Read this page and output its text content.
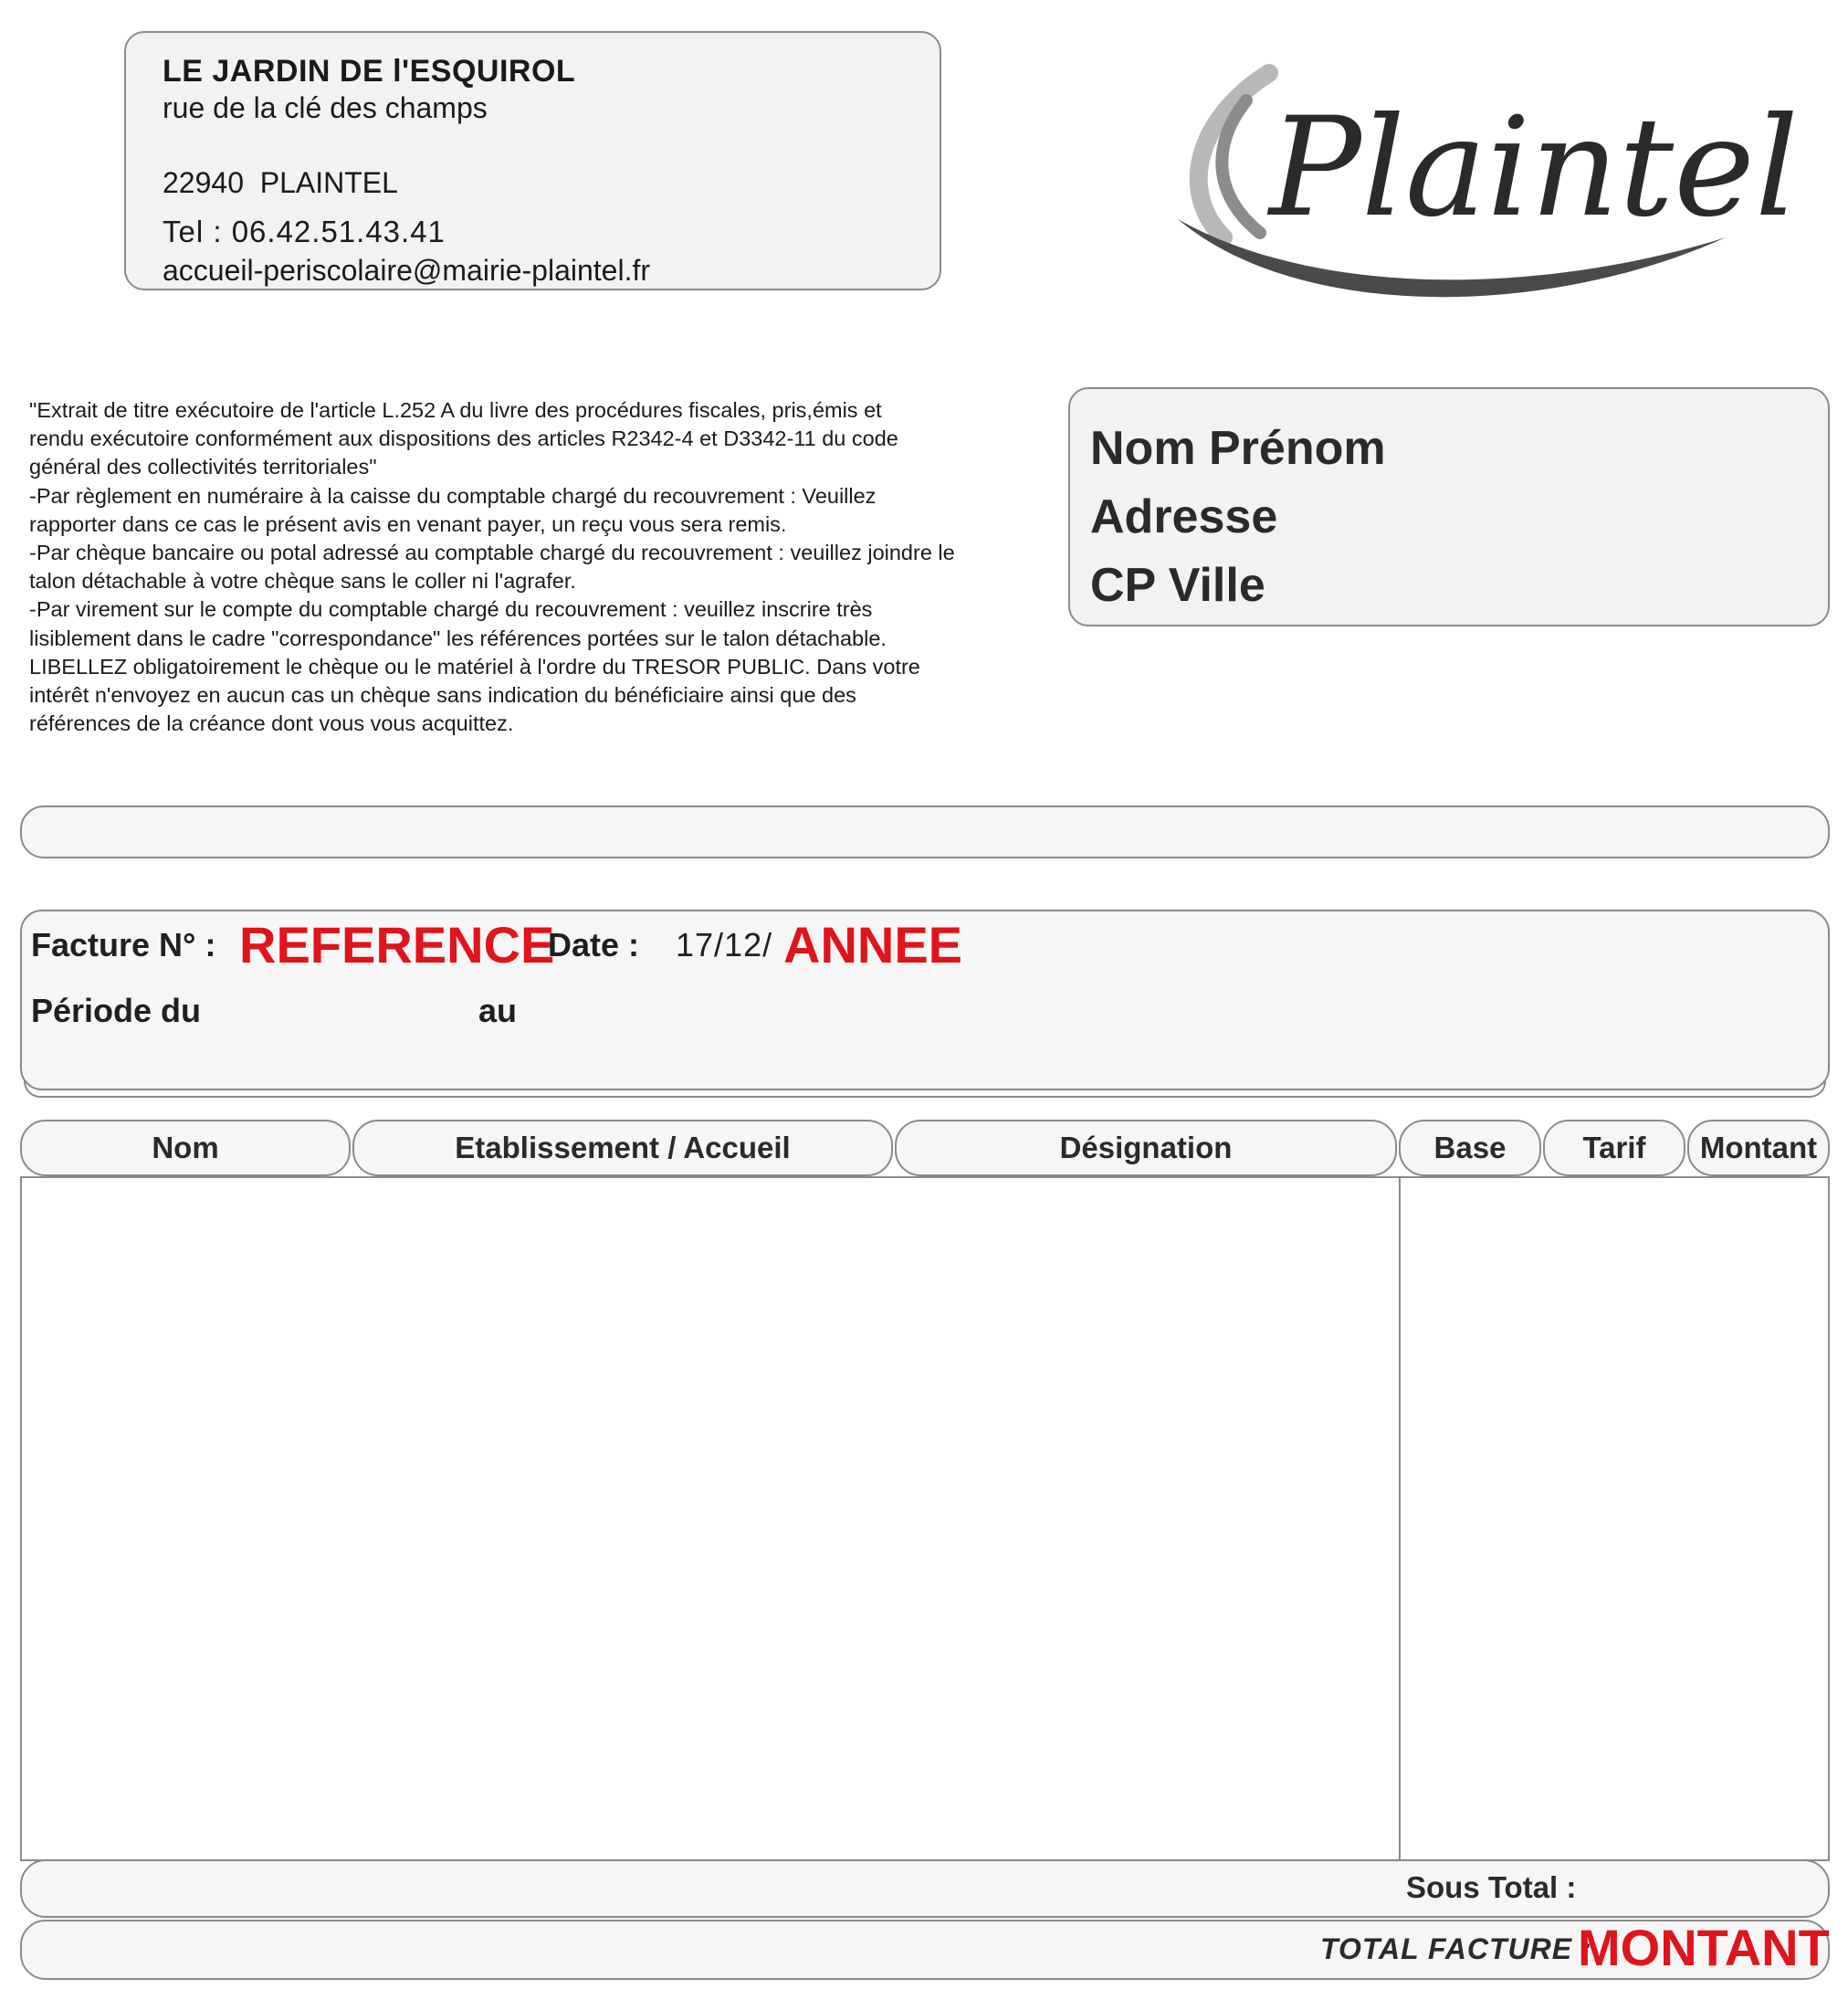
LE JARDIN DE l'ESQUIROL
rue de la clé des champs
22940  PLAINTEL
Tel : 06.42.51.43.41
accueil-periscolaire@mairie-plaintel.fr
Plaintel
"Extrait de titre exécutoire de l'article L.252 A du livre des procédures fiscales, pris,émis et
rendu exécutoire conformément aux dispositions des articles R2342-4 et D3342-11 du code
général des collectivités territoriales"
-Par règlement en numéraire à la caisse du comptable chargé du recouvrement : Veuillez
rapporter dans ce cas le présent avis en venant payer, un reçu vous sera remis.
-Par chèque bancaire ou potal adressé au comptable chargé du recouvrement : veuillez joindre le
talon détachable à votre chèque sans le coller ni l'agrafer.
-Par virement sur le compte du comptable chargé du recouvrement : veuillez inscrire très
lisiblement dans le cadre "correspondance" les références portées sur le talon détachable.
LIBELLEZ obligatoirement le chèque ou le matériel à l'ordre du TRESOR PUBLIC. Dans votre
intérêt n'envoyez en aucun cas un chèque sans indication du bénéficiaire ainsi que des
références de la créance dont vous vous acquittez.
Nom Prénom
Adresse
CP Ville
Facture N° : REFERENCE
Date : 17/12/ ANNEE
Période du	au
Nom	Etablissement / Accueil	Désignation	Base	Tarif	Montant
Sous Total :
TOTAL FACTURE :
MONTANT
